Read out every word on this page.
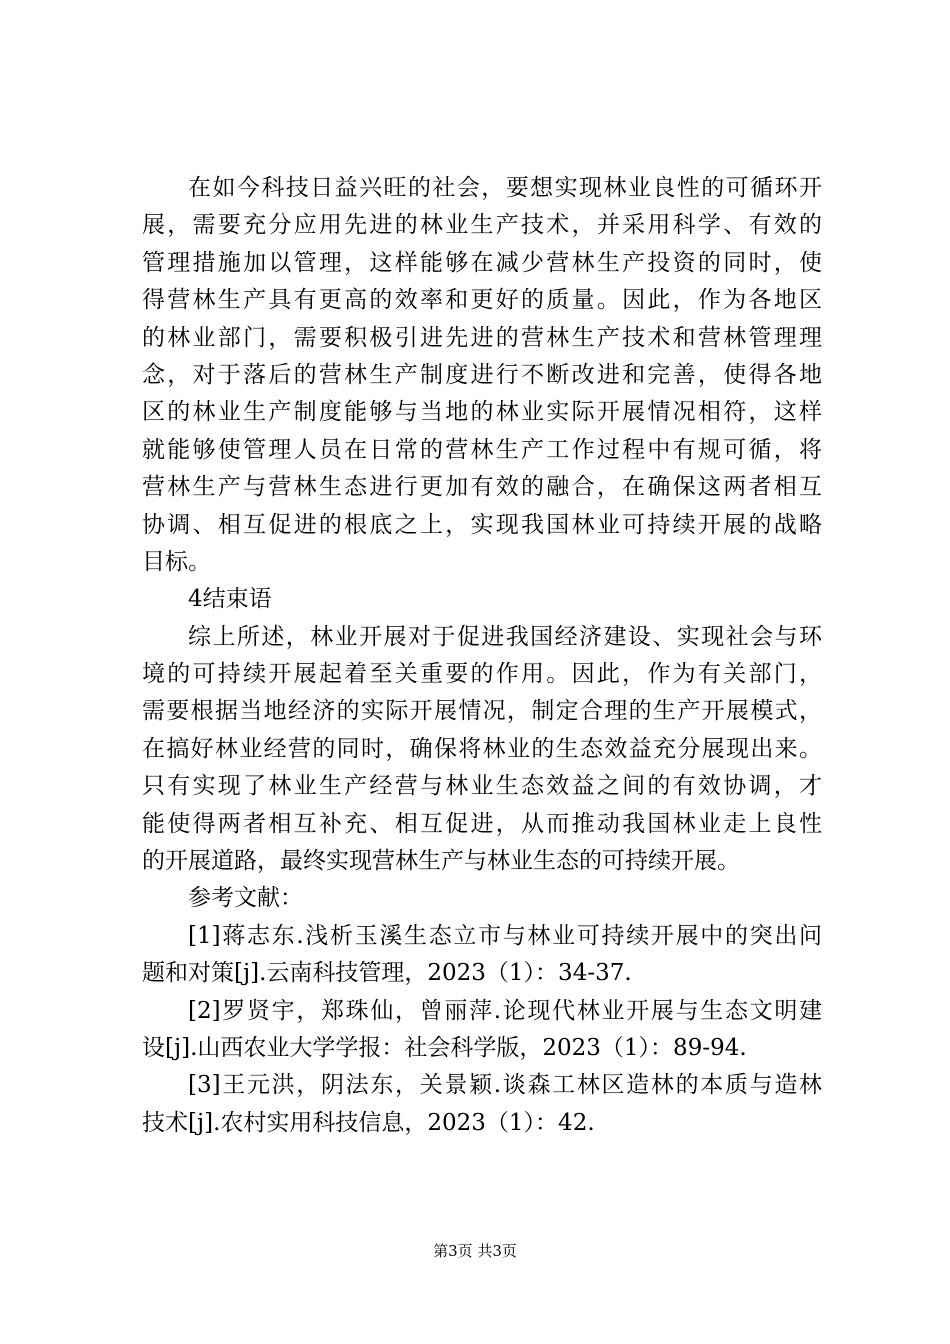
在如今科技日益兴旺的社会，要想实现林业良性的可循环开
展，需要充分应用先进的林业生产技术，并采用科学、有效的
管理措施加以管理，这样能够在减少营林生产投资的同时，使
得营林生产具有更高的效率和更好的质量。因此，作为各地区
的林业部门，需要积极引进先进的营林生产技术和营林管理理
念，对于落后的营林生产制度进行不断改进和完善，使得各地
区的林业生产制度能够与当地的林业实际开展情况相符，这样
就能够使管理人员在日常的营林生产工作过程中有规可循，将
营林生产与营林生态进行更加有效的融合，在确保这两者相互
协调、相互促进的根底之上，实现我国林业可持续开展的战略
目标。
4结束语
综上所述，林业开展对于促进我国经济建设、实现社会与环
境的可持续开展起着至关重要的作用。因此，作为有关部门，
需要根据当地经济的实际开展情况，制定合理的生产开展模式，
在搞好林业经营的同时，确保将林业的生态效益充分展现出来。
只有实现了林业生产经营与林业生态效益之间的有效协调，才
能使得两者相互补充、相互促进，从而推动我国林业走上良性
的开展道路，最终实现营林生产与林业生态的可持续开展。
参考文献：
[1]蒋志东.浅析玉溪生态立市与林业可持续开展中的突出问
题和对策[j].云南科技管理，2023（1）：34-37.
[2]罗贤宇，郑珠仙，曾丽萍.论现代林业开展与生态文明建
设[j].山西农业大学学报：社会科学版，2023（1）：89-94.
[3]王元洪，阴法东，关景颖.谈森工林区造林的本质与造林
技术[j].农村实用科技信息，2023（1）：42.
第3页 共3页
